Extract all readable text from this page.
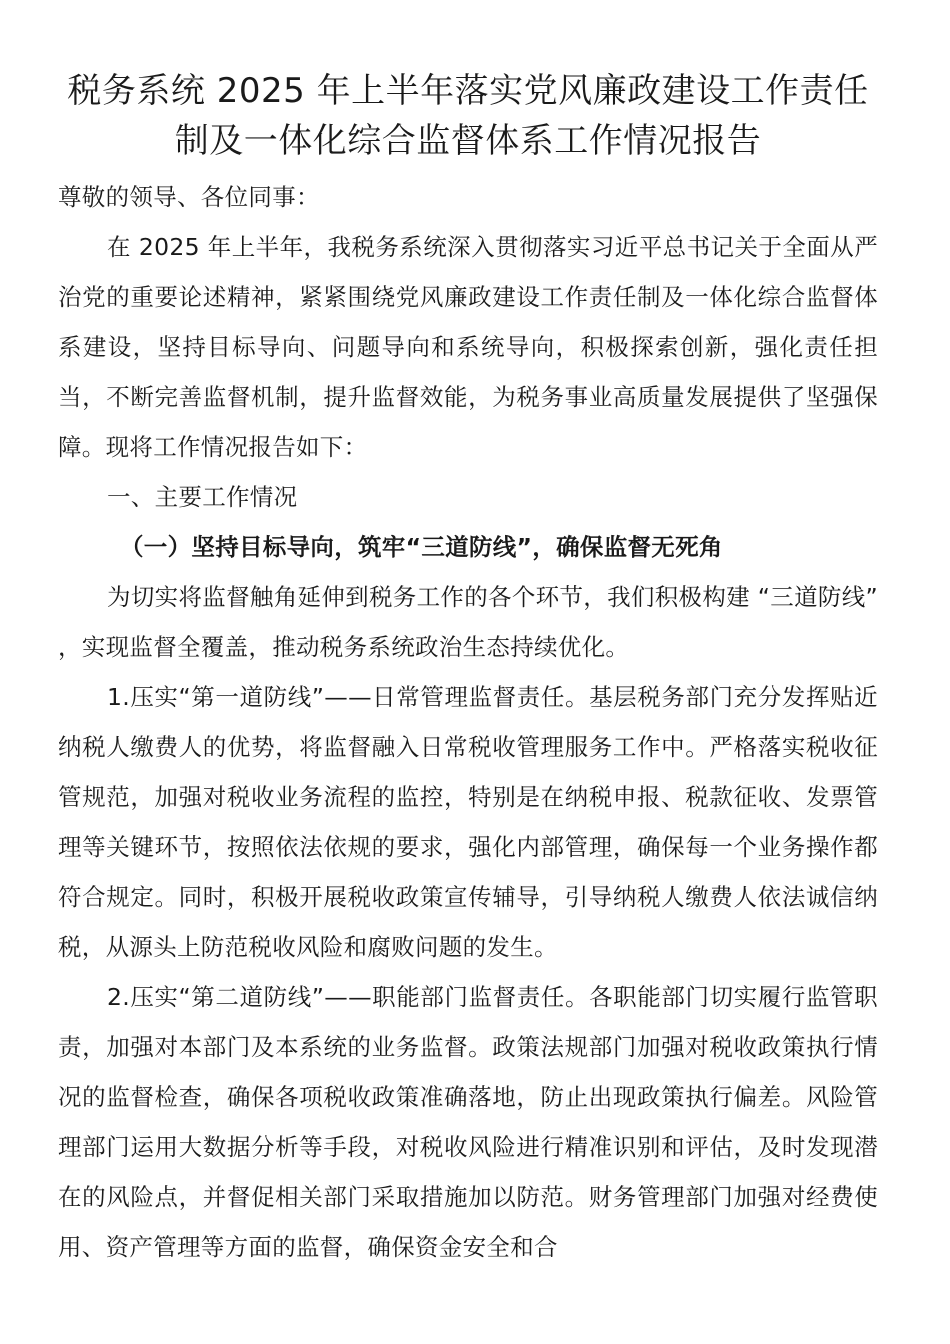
税务系统 2025 年上半年落实党风廉政建设工作责任
制及一体化综合监督体系工作情况报告

尊敬的领导、各位同事：

在 2025 年上半年，我税务系统深入贯彻落实习近平总书记关于全面从严治党的重要论述精神，紧紧围绕党风廉政建设工作责任制及一体化综合监督体系建设，坚持目标导向、问题导向和系统导向，积极探索创新，强化责任担当，不断完善监督机制，提升监督效能，为税务事业高质量发展提供了坚强保障。现将工作情况报告如下：

一、主要工作情况

（一）坚持目标导向，筑牢“三道防线”，确保监督无死角

为切实将监督触角延伸到税务工作的各个环节，我们积极构建 “三道防线” ，实现监督全覆盖，推动税务系统政治生态持续优化。

1.压实“第一道防线”——日常管理监督责任。基层税务部门充分发挥贴近纳税人缴费人的优势，将监督融入日常税收管理服务工作中。严格落实税收征管规范，加强对税收业务流程的监控，特别是在纳税申报、税款征收、发票管理等关键环节，按照依法依规的要求，强化内部管理，确保每一个业务操作都符合规定。同时，积极开展税收政策宣传辅导，引导纳税人缴费人依法诚信纳税，从源头上防范税收风险和腐败问题的发生。

2.压实“第二道防线”——职能部门监督责任。各职能部门切实履行监管职责，加强对本部门及本系统的业务监督。政策法规部门加强对税收政策执行情况的监督检查，确保各项税收政策准确落地，防止出现政策执行偏差。风险管理部门运用大数据分析等手段，对税收风险进行精准识别和评估，及时发现潜在的风险点，并督促相关部门采取措施加以防范。财务管理部门加强对经费使用、资产管理等方面的监督，确保资金安全和合
